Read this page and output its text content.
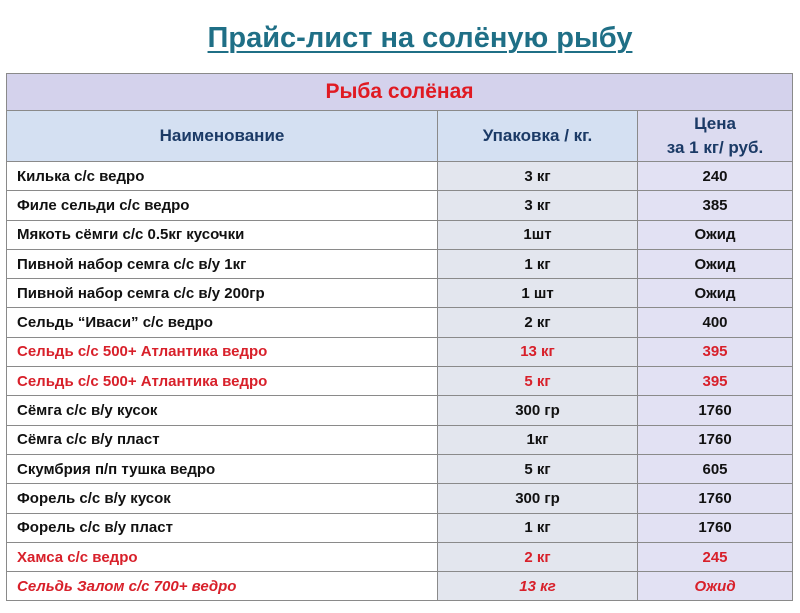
Прайс-лист на солёную рыбу
Рыба солёная		
Наименование	Упаковка / кг.	Цена
за 1 кг/ руб.

Килька с/с ведро	3 кг	240
Филе сельди с/с ведро	3 кг	385
Мякоть сёмги с/с 0.5кг кусочки	1шт	Ожид
Пивной набор семга с/с в/у 1кг	1 кг	Ожид
Пивной набор семга с/с в/у 200гр	1 шт	Ожид
Сельдь “Иваси” с/с ведро	2 кг	400
Сельдь с/с 500+ Атлантика ведро	13 кг	395
Сельдь с/с 500+ Атлантика ведро	5 кг	395
Сёмга с/с в/у кусок	300 гр	1760
Сёмга с/с в/у пласт	1кг	1760
Скумбрия п/п тушка ведро	5 кг	605
Форель с/с в/у кусок	300 гр	1760
Форель с/с в/у пласт	1 кг	1760
Хамса с/с ведро	2 кг	245
Сельдь Залом с/с 700+ ведро	13 кг	Ожид
